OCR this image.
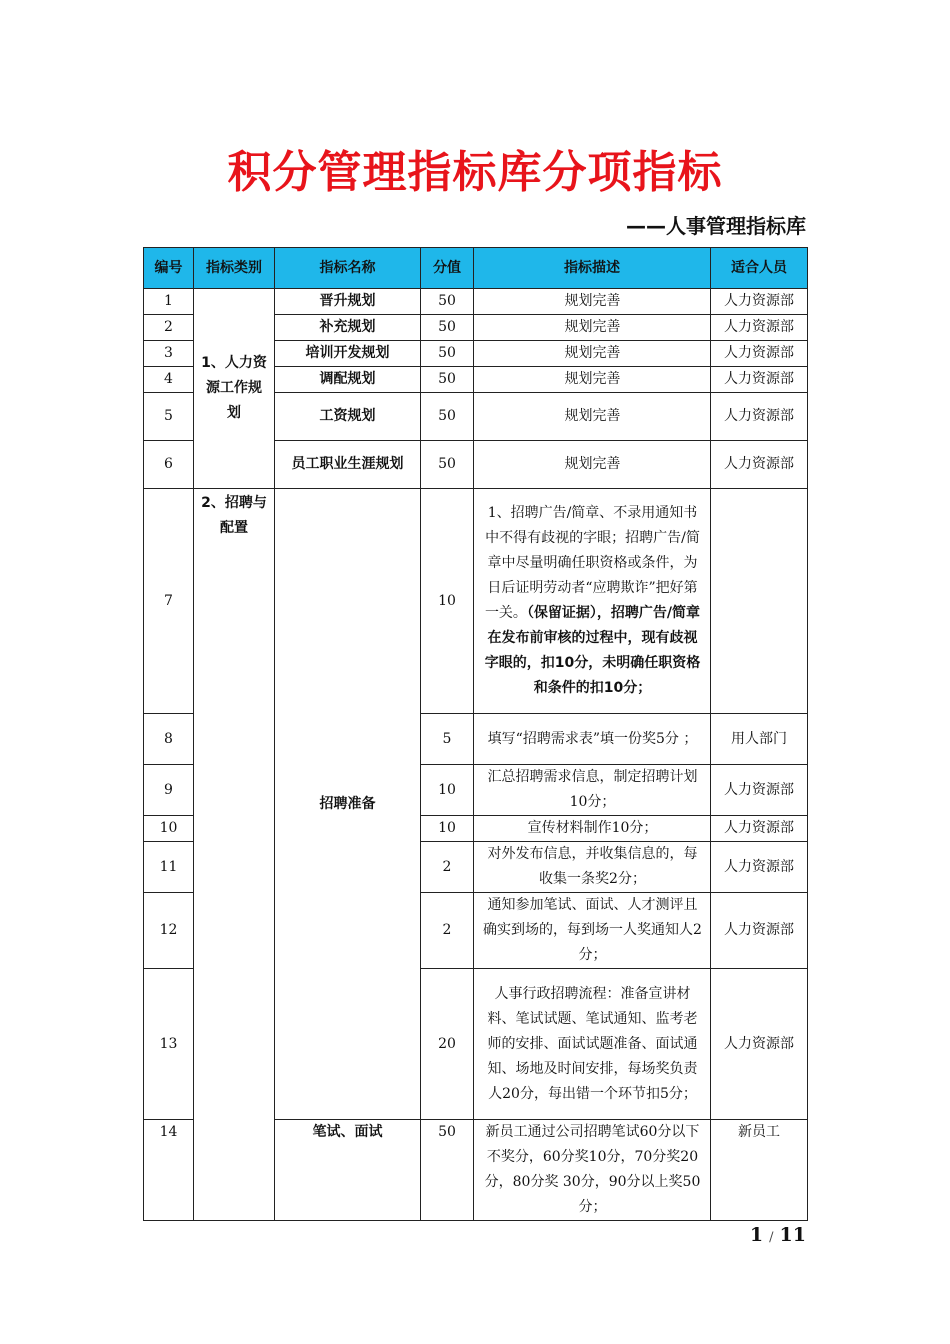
积分管理指标库分项指标
——人事管理指标库
编号	指标类别	指标名称	分值	指标描述	适合人员
1	1、人力资源工作规划	晋升规划	50	规划完善	人力资源部
2		补充规划	50	规划完善	人力资源部
3		培训开发规划	50	规划完善	人力资源部
4		调配规划	50	规划完善	人力资源部
5		工资规划	50	规划完善	人力资源部
6		员工职业生涯规划	50	规划完善	人力资源部
7	2、招聘与配置	招聘准备	10	1、招聘广告/简章、不录用通知书中不得有歧视的字眼；招聘广告/简章中尽量明确任职资格或条件，为日后证明劳动者“应聘欺诈”把好第一关。（保留证据），招聘广告/简章在发布前审核的过程中，现有歧视字眼的，扣10分，未明确任职资格和条件的扣10分；	
8			5	填写“招聘需求表”填一份奖5分 ；	用人部门
9			10	汇总招聘需求信息，制定招聘计划10分；	人力资源部
10			10	宣传材料制作10分；	人力资源部
11			2	对外发布信息，并收集信息的，每收集一条奖2分；	人力资源部
12			2	通知参加笔试、面试、人才测评且确实到场的，每到场一人奖通知人2分；	人力资源部
13			20	人事行政招聘流程：准备宣讲材料、笔试试题、笔试通知、监考老师的安排、面试试题准备、面试通知、场地及时间安排，每场奖负责人20分，每出错一个环节扣5分；	人力资源部
14		笔试、面试	50	新员工通过公司招聘笔试60分以下不奖分，60分奖10分，70分奖20分，80分奖 30分，90分以上奖50分；	新员工
1 / 11
